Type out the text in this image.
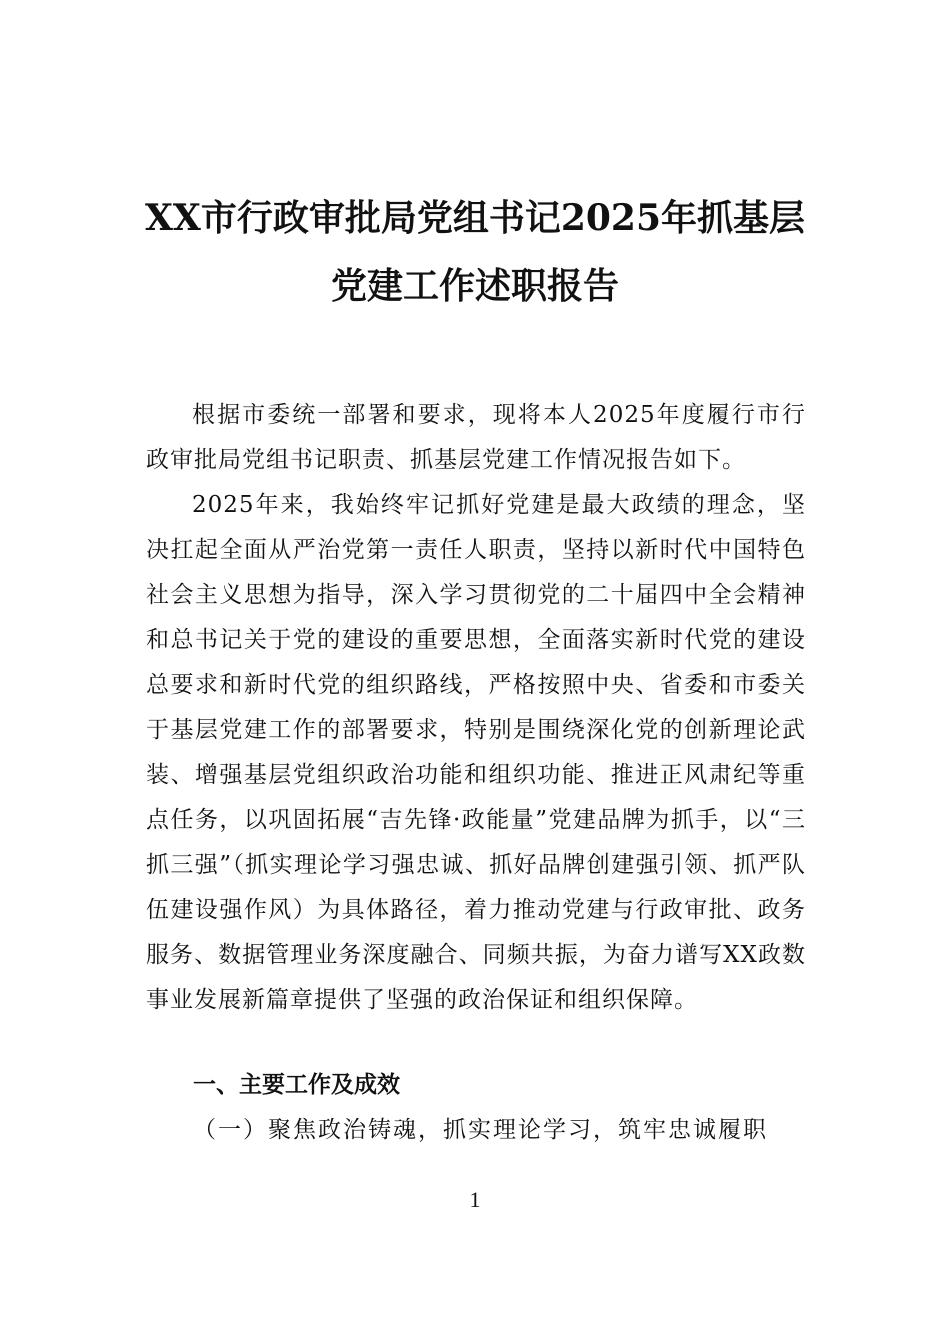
XX市行政审批局党组书记2025年抓基层
党建工作述职报告
根据市委统一部署和要求，现将本人2025年度履行市行政审批局党组书记职责、抓基层党建工作情况报告如下。
2025年来，我始终牢记抓好党建是最大政绩的理念，坚决扛起全面从严治党第一责任人职责，坚持以新时代中国特色社会主义思想为指导，深入学习贯彻党的二十届四中全会精神和总书记关于党的建设的重要思想，全面落实新时代党的建设总要求和新时代党的组织路线，严格按照中央、省委和市委关于基层党建工作的部署要求，特别是围绕深化党的创新理论武装、增强基层党组织政治功能和组织功能、推进正风肃纪等重点任务，以巩固拓展“吉先锋·政能量”党建品牌为抓手，以“三抓三强”（抓实理论学习强忠诚、抓好品牌创建强引领、抓严队伍建设强作风）为具体路径，着力推动党建与行政审批、政务服务、数据管理业务深度融合、同频共振，为奋力谱写XX政数事业发展新篇章提供了坚强的政治保证和组织保障。
一、主要工作及成效
（一）聚焦政治铸魂，抓实理论学习，筑牢忠诚履职
1
